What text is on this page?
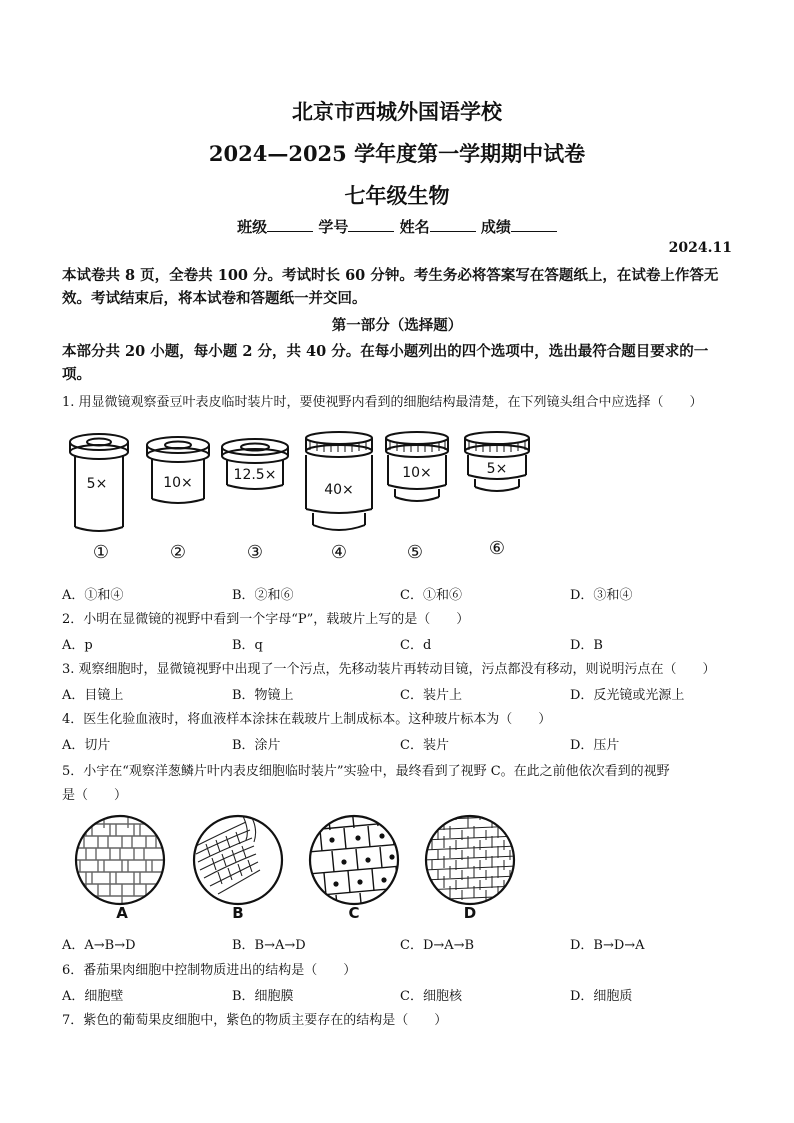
北京市西城外国语学校
2024—2025 学年度第一学期期中试卷
七年级生物
班级	学号	姓名	成绩
2024.11
本试卷共 8 页，全卷共 100 分。考试时长 60 分钟。考生务必将答案写在答题纸上，在试卷上作答无效。考试结束后，将本试卷和答题纸一并交回。
第一部分（选择题）
本部分共 20 小题，每小题 2 分，共 40 分。在每小题列出的四个选项中，选出最符合题目要求的一项。
1. 用显微镜观察蚕豆叶表皮临时装片时，要使视野内看到的细胞结构最清楚，在下列镜头组合中应选择（　　）
5×	10×	12.5×
40×
10×	5×
①	②	③	④	⑤	⑥
A．①和④	B．②和⑥	C．①和⑥	D．③和④
2．小明在显微镜的视野中看到一个字母“P”，载玻片上写的是（　　）
A．p	B．q	C．d	D．B
3. 观察细胞时，显微镜视野中出现了一个污点，先移动装片再转动目镜，污点都没有移动，则说明污点在（　　）
A．目镜上	B．物镜上	C．装片上	D．反光镜或光源上
4．医生化验血液时，将血液样本涂抹在载玻片上制成标本。这种玻片标本为（　　）
A．切片	B．涂片	C．装片	D．压片
5．小宇在“观察洋葱鳞片叶内表皮细胞临时装片”实验中，最终看到了视野 C。在此之前他依次看到的视野
是（　　）
A	B	C	D
A．A→B→D	B．B→A→D	C．D→A→B	D．B→D→A
6．番茄果肉细胞中控制物质进出的结构是（　　）
A．细胞壁	B．细胞膜	C．细胞核	D．细胞质
7．紫色的葡萄果皮细胞中，紫色的物质主要存在的结构是（　　）
